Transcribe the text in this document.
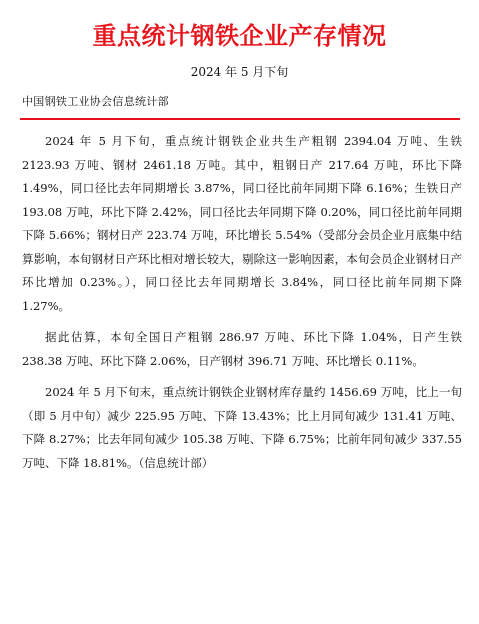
重点统计钢铁企业产存情况
2024 年 5 月下旬
中国钢铁工业协会信息统计部

2024 年 5 月下旬，重点统计钢铁企业共生产粗钢 2394.04 万吨、生铁 2123.93 万吨、钢材 2461.18 万吨。其中，粗钢日产 217.64 万吨，环比下降 1.49%，同口径比去年同期增长 3.87%，同口径比前年同期下降 6.16%；生铁日产 193.08 万吨，环比下降 2.42%，同口径比去年同期下降 0.20%，同口径比前年同期下降 5.66%；钢材日产 223.74 万吨，环比增长 5.54%（受部分会员企业月底集中结算影响，本旬钢材日产环比相对增长较大，剔除这一影响因素，本旬会员企业钢材日产环比增加 0.23%。），同口径比去年同期增长 3.84%，同口径比前年同期下降 1.27%。

据此估算，本旬全国日产粗钢 286.97 万吨、环比下降 1.04%，日产生铁 238.38 万吨、环比下降 2.06%，日产钢材 396.71 万吨、环比增长 0.11%。

2024 年 5 月下旬末，重点统计钢铁企业钢材库存量约 1456.69 万吨，比上一旬（即 5 月中旬）减少 225.95 万吨、下降 13.43%；比上月同旬减少 131.41 万吨、下降 8.27%；比去年同旬减少 105.38 万吨、下降 6.75%；比前年同旬减少 337.55 万吨、下降 18.81%。（信息统计部）
